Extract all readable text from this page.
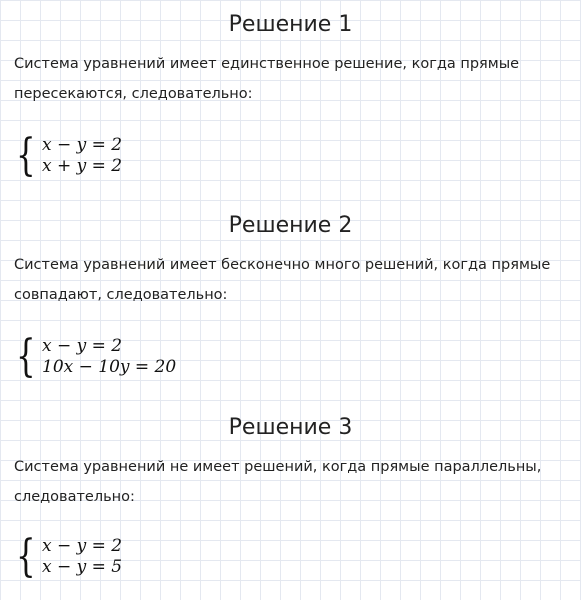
Решение 1

Система уравнений имеет единственное решение, когда прямые
пересекаются, следовательно:

{ x − y = 2
x + y = 2
Решение 2

Система уравнений имеет бесконечно много решений, когда прямые
совпадают, следовательно:

{ x − y = 2
10x − 10y = 20
Решение 3

Система уравнений не имеет решений, когда прямые параллельны,
следовательно:

{ x − y = 2
x − y = 5
